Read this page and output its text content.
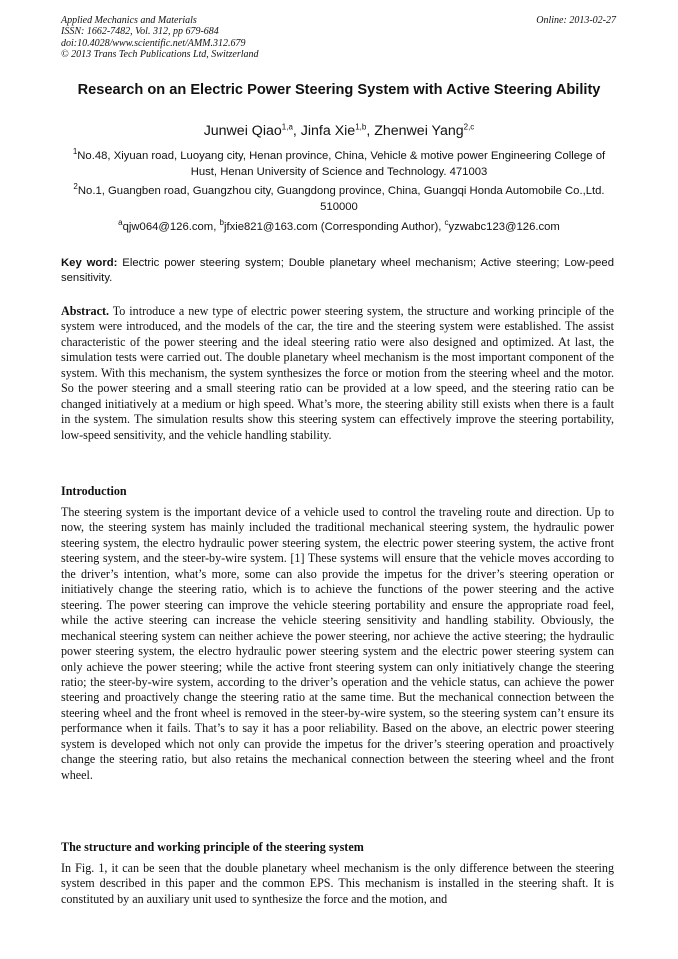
Applied Mechanics and Materials
ISSN: 1662-7482, Vol. 312, pp 679-684
doi:10.4028/www.scientific.net/AMM.312.679
© 2013 Trans Tech Publications Ltd, Switzerland
Online: 2013-02-27
Research on an Electric Power Steering System with Active Steering Ability
Junwei Qiao$^{1,a}$, Jinfa Xie$^{1,b}$, Zhenwei Yang$^{2,c}$
$^1$No.48, Xiyuan road, Luoyang city, Henan province, China, Vehicle & motive power Engineering College of Hust, Henan University of Science and Technology. 471003
$^2$No.1, Guangben road, Guangzhou city, Guangdong province, China, Guangqi Honda Automobile Co.,Ltd. 510000
$^a$qjw064@126.com, $^b$jfxie821@163.com (Corresponding Author), $^c$yzwabc123@126.com
Key word: Electric power steering system; Double planetary wheel mechanism; Active steering; Low-peed sensitivity.
Abstract. To introduce a new type of electric power steering system, the structure and working principle of the system were introduced, and the models of the car, the tire and the steering system were established. The assist characteristic of the power steering and the ideal steering ratio were also designed and optimized. At last, the simulation tests were carried out. The double planetary wheel mechanism is the most important component of the system. With this mechanism, the system synthesizes the force or motion from the steering wheel and the motor. So the power steering and a small steering ratio can be provided at a low speed, and the steering ratio can be changed initiatively at a medium or high speed. What’s more, the steering ability still exists when there is a fault in the system. The simulation results show this steering system can effectively improve the steering portability, low-speed sensitivity, and the vehicle handling stability.
Introduction
The steering system is the important device of a vehicle used to control the traveling route and direction. Up to now, the steering system has mainly included the traditional mechanical steering system, the hydraulic power steering system, the electro hydraulic power steering system, the electric power steering system, the active front steering system, and the steer-by-wire system. [1] These systems will ensure that the vehicle moves according to the driver’s intention, what’s more, some can also provide the impetus for the driver’s steering operation or initiatively change the steering ratio, which is to achieve the functions of the power steering and the active steering. The power steering can improve the vehicle steering portability and ensure the appropriate road feel, while the active steering can increase the vehicle steering sensitivity and handling stability. Obviously, the mechanical steering system can neither achieve the power steering, nor achieve the active steering; the hydraulic power steering system, the electro hydraulic power steering system and the electric power steering system can only achieve the power steering; while the active front steering system can only initiatively change the steering ratio; the steer-by-wire system, according to the driver’s operation and the vehicle status, can achieve the power steering and proactively change the steering ratio at the same time. But the mechanical connection between the steering wheel and the front wheel is removed in the steer-by-wire system, so the steering system can’t ensure its performance when it fails. That’s to say it has a poor reliability. Based on the above, an electric power steering system is developed which not only can provide the impetus for the driver’s steering operation and proactively change the steering ratio, but also retains the mechanical connection between the steering wheel and the front wheel.
The structure and working principle of the steering system
In Fig. 1, it can be seen that the double planetary wheel mechanism is the only difference between the steering system described in this paper and the common EPS. This mechanism is installed in the steering shaft. It is constituted by an auxiliary unit used to synthesize the force and the motion, and
